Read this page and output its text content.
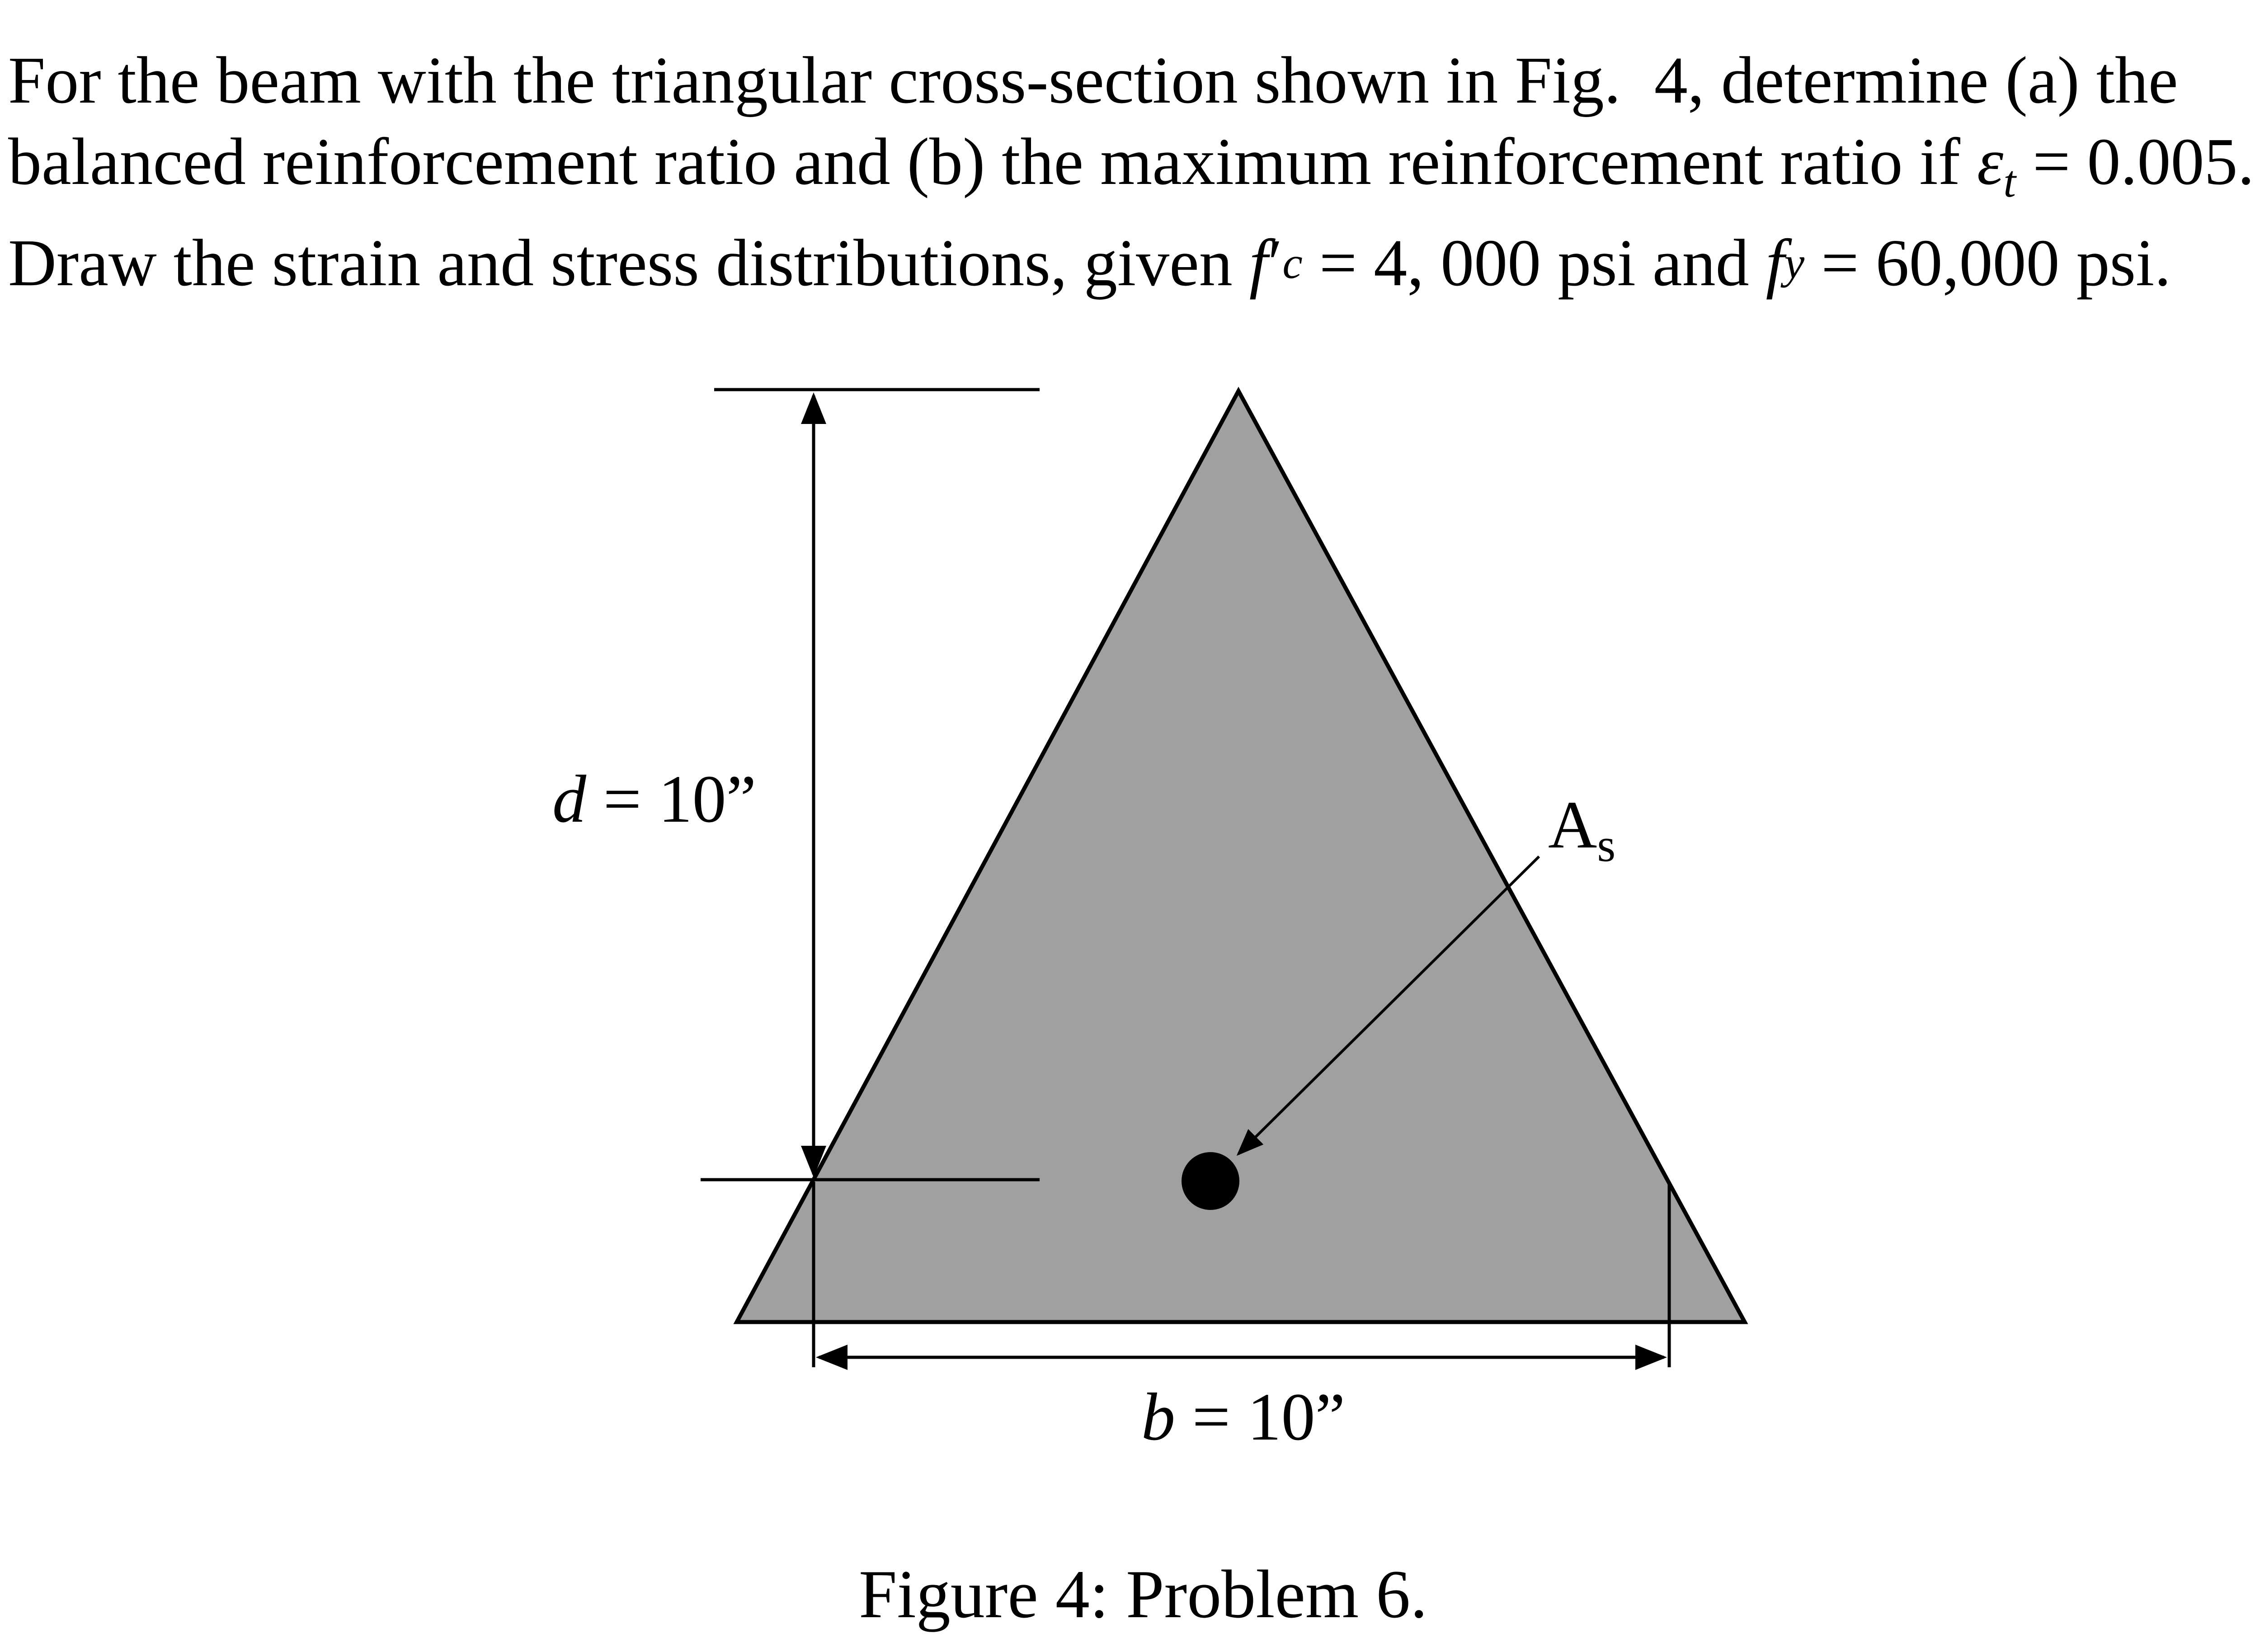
For the beam with the triangular cross-section shown in Fig.  4, determine (a) the
balanced reinforcement ratio and (b) the maximum reinforcement ratio if $\varepsilon_t = 0.005$.
Draw the strain and stress distributions, given f ′ c = 4, 000 psi and f y = 60,000 psi.
d = 10”
b = 10”
$A_s$
Figure 4: Problem 6.
